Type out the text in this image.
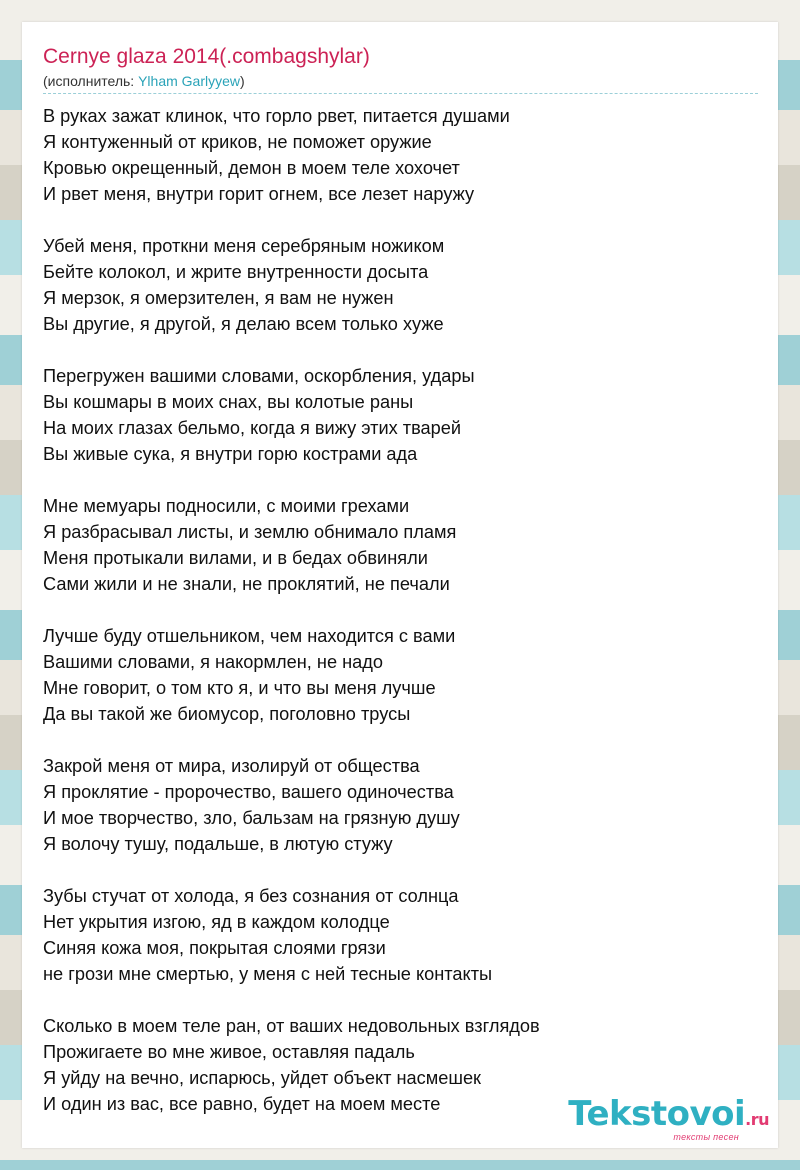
Cernye glaza 2014(.combagshylar)
(исполнитель: Ylham Garlyyew)
В руках зажат клинок, что горло рвет, питается душами
Я контуженный от криков, не поможет оружие
Кровью окрещенный, демон в моем теле хохочет
И рвет меня, внутри горит огнем, все лезет наружу
Убей меня, проткни меня серебряным ножиком
Бейте колокол, и жрите внутренности досыта
Я мерзок, я омерзителен, я вам не нужен
Вы другие, я другой, я делаю всем только хуже
Перегружен вашими словами, оскорбления, удары
Вы кошмары в моих снах, вы колотые раны
На моих глазах бельмо, когда я вижу этих тварей
Вы живые сука, я внутри горю кострами ада
Мне мемуары подносили, с моими грехами
Я разбрасывал листы, и землю обнимало пламя
Меня протыкали вилами, и в бедах обвиняли
Сами жили и не знали, не проклятий, не печали
Лучше буду отшельником, чем находится с вами
Вашими словами, я накормлен, не надо
Мне говорит, о том кто я, и что вы меня лучше
Да вы такой же биомусор, поголовно трусы
Закрой меня от мира, изолируй от общества
Я проклятие - пророчество, вашего одиночества
И мое творчество, зло, бальзам на грязную душу
Я волочу тушу, подальше, в лютую стужу
Зубы стучат от холода, я без сознания от солнца
Нет укрытия изгою, яд в каждом колодце
Синяя кожа моя, покрытая слоями грязи
не грози мне смертью, у меня с ней тесные контакты
Сколько в моем теле ран, от ваших недовольных взглядов
Прожигаете во мне живое, оставляя падаль
Я уйду на вечно, испарюсь, уйдет объект насмешек
И один из вас, все равно, будет на моем месте	Tekstovoi.ru
тексты песен
